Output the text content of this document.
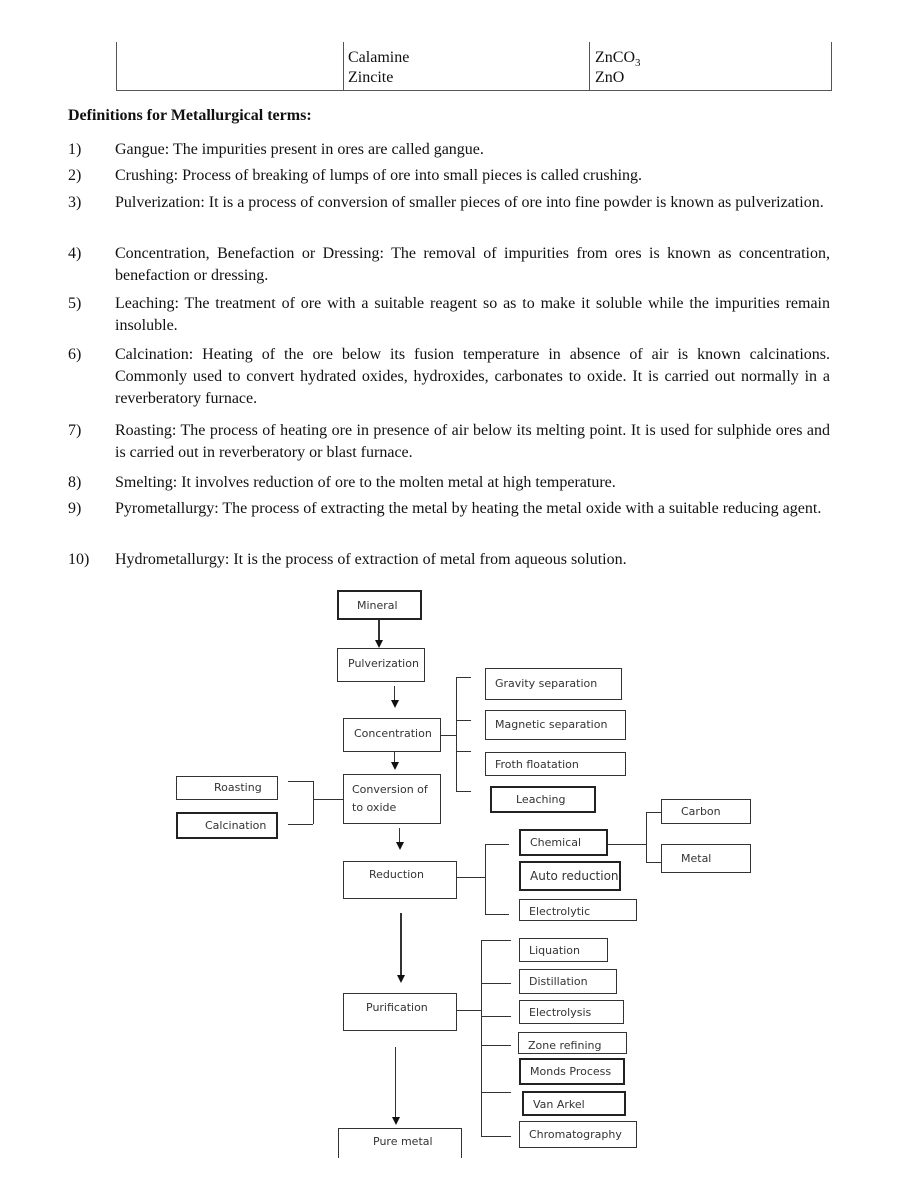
Calamine	ZnCO$_3$
Zincite	ZnO
Definitions for Metallurgical terms:
1)	Gangue: The impurities present in ores are called gangue.
2)	Crushing: Process of breaking of lumps of ore into small pieces is called crushing.
3)	Pulverization: It is a process of conversion of smaller pieces of ore into fine powder is known as pulverization.
4)	Concentration, Benefaction or Dressing: The removal of impurities from ores is known as concentration, benefaction or dressing.
5)	Leaching: The treatment of ore with a suitable reagent so as to make it soluble while the impurities remain insoluble.
6)	Calcination: Heating of the ore below its fusion temperature in absence of air is known calcinations. Commonly used to convert hydrated oxides, hydroxides, carbonates to oxide. It is carried out normally in a reverberatory furnace.
7)	Roasting: The process of heating ore in presence of air below its melting point. It is used for sulphide ores and is carried out in reverberatory or blast furnace.
8)	Smelting: It involves reduction of ore to the molten metal at high temperature.
9)	Pyrometallurgy: The process of extracting the metal by heating the metal oxide with a suitable reducing agent.
10)	Hydrometallurgy: It is the process of extraction of metal from aqueous solution.
Mineral
Pulverization
Concentration
Conversion of to oxide
Reduction
Purification
Pure metal
Gravity separation
Magnetic separation
Froth floatation
Leaching
Roasting
Calcination
Chemical
Auto reduction
Electrolytic
Carbon
Metal
Liquation
Distillation
Electrolysis
Zone refining
Monds Process
Van Arkel
Chromatography
